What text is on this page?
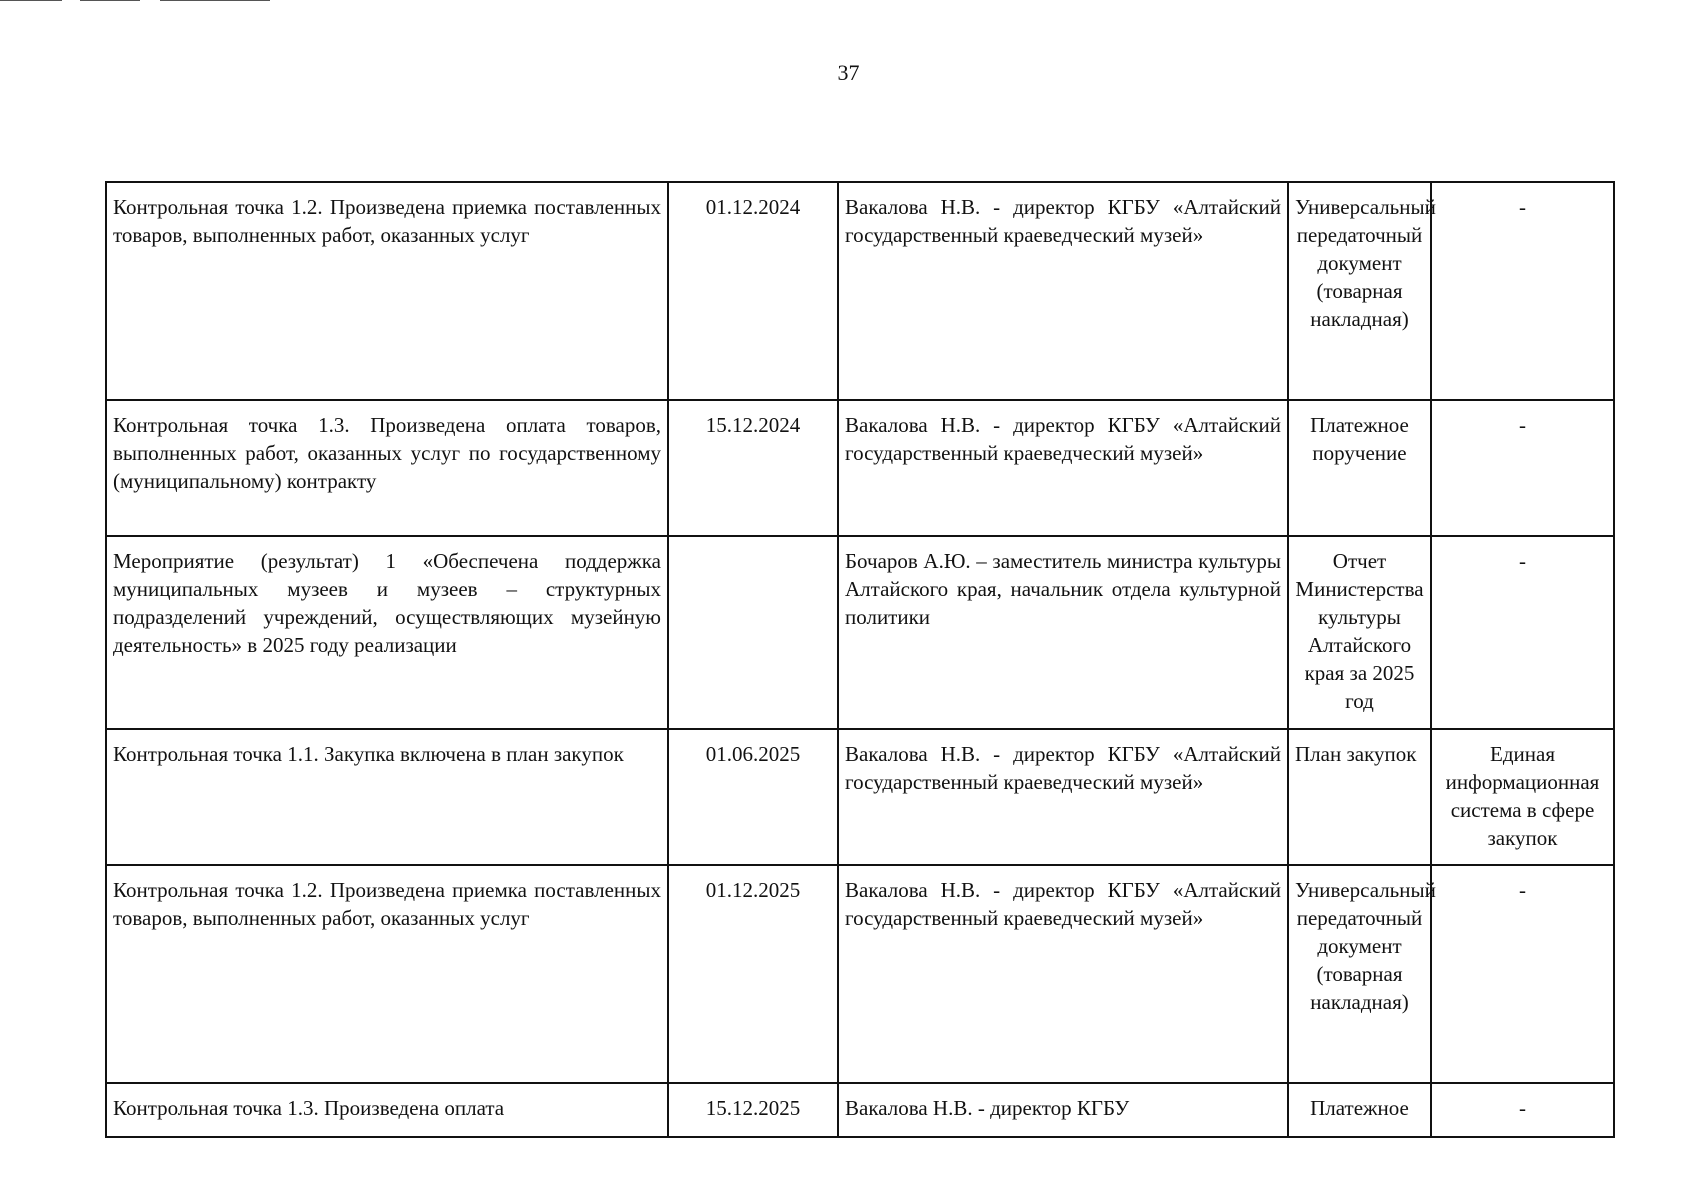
37
Контрольная точка 1.2. Произведена приемка поставленных товаров, выполненных работ, оказанных услуг	01.12.2024	Вакалова Н.В. - директор КГБУ «Алтайский государственный краеведческий музей»	Универсальный передаточный документ (товарная накладная)	-
Контрольная точка 1.3. Произведена оплата товаров, выполненных работ, оказанных услуг по государственному (муниципальному) контракту	15.12.2024	Вакалова Н.В. - директор КГБУ «Алтайский государственный краеведческий музей»	Платежное поручение	-
Мероприятие (результат) 1 «Обеспечена поддержка муниципальных музеев и музеев – структурных подразделений учреждений, осуществляющих музейную деятельность» в 2025 году реализации		Бочаров А.Ю. – заместитель министра культуры Алтайского края, начальник отдела культурной политики	Отчет Министерства культуры Алтайского края за 2025 год	-
Контрольная точка 1.1. Закупка включена в план закупок	01.06.2025	Вакалова Н.В. - директор КГБУ «Алтайский государственный краеведческий музей»	План закупок	Единая информационная система в сфере закупок
Контрольная точка 1.2. Произведена приемка поставленных товаров, выполненных работ, оказанных услуг	01.12.2025	Вакалова Н.В. - директор КГБУ «Алтайский государственный краеведческий музей»	Универсальный передаточный документ (товарная накладная)	-
Контрольная точка 1.3. Произведена оплата	15.12.2025	Вакалова Н.В. - директор КГБУ	Платежное	-
